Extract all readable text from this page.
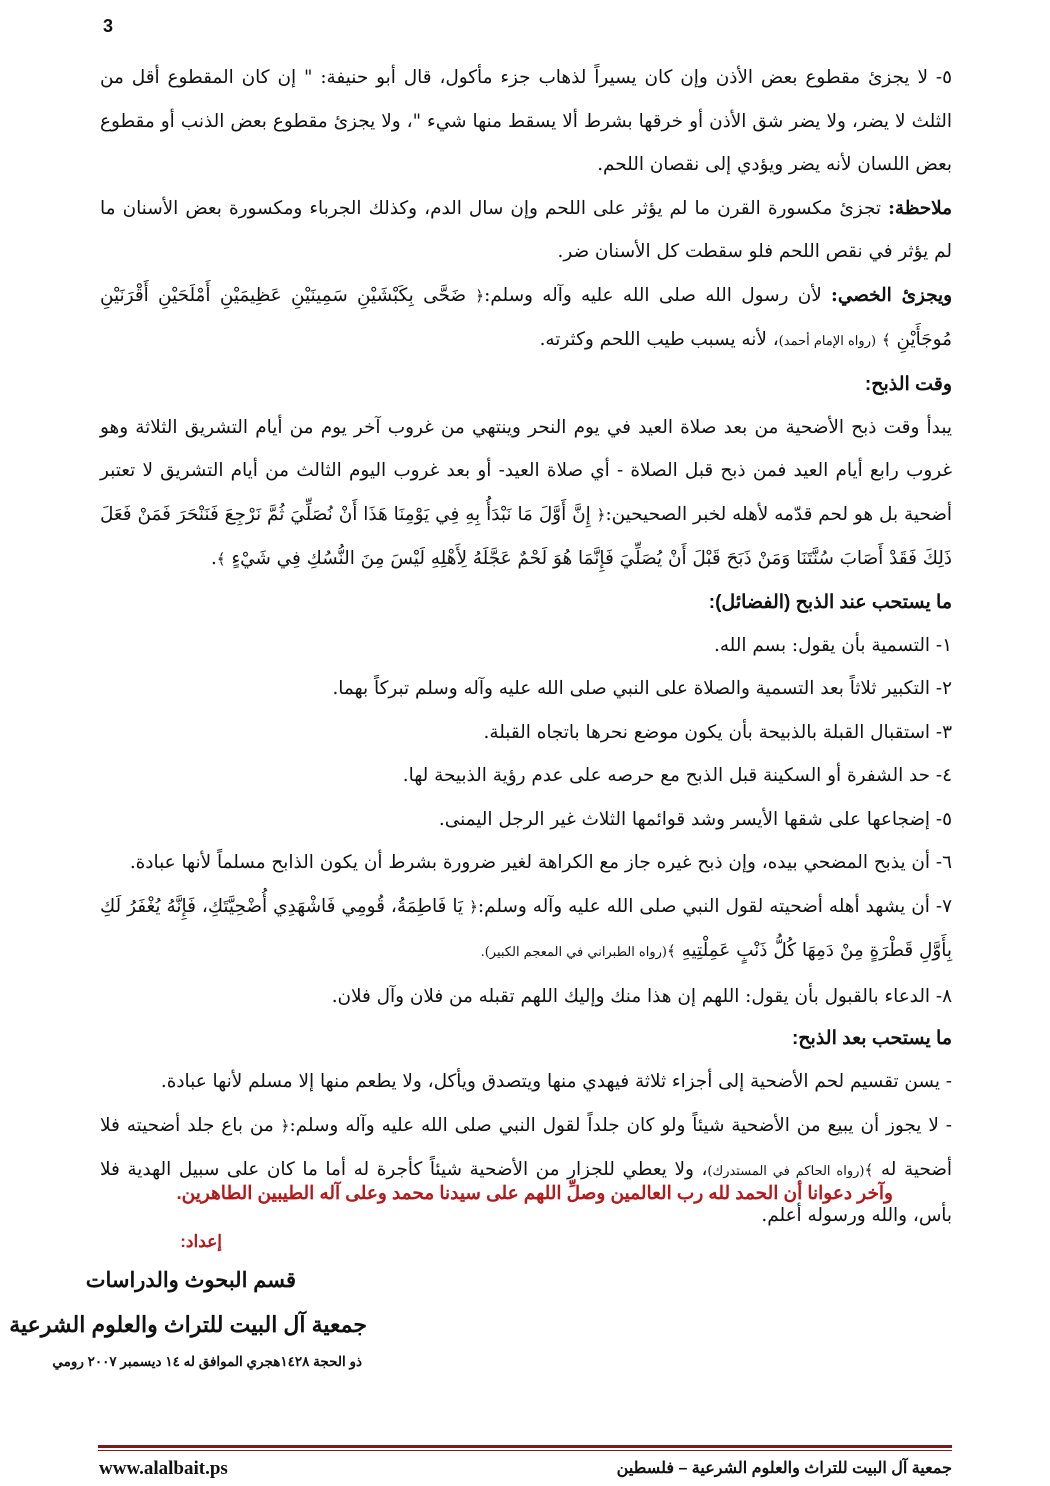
3

٥- لا يجزئ مقطوع بعض الأذن وإن كان يسيراً لذهاب جزء مأكول، قال أبو حنيفة: " إن كان المقطوع أقل من الثلث لا يضر، ولا يضر شق الأذن أو خرقها بشرط ألا يسقط منها شيء "، ولا يجزئ مقطوع بعض الذنب أو مقطوع بعض اللسان لأنه يضر ويؤدي إلى نقصان اللحم.

ملاحظة: تجزئ مكسورة القرن ما لم يؤثر على اللحم وإن سال الدم، وكذلك الجرباء ومكسورة بعض الأسنان ما لم يؤثر في نقص اللحم فلو سقطت كل الأسنان ضر.

ويجزئ الخصي: لأن رسول الله صلى الله عليه وآله وسلم:﴿ ضَحَّى بِكَبْشَيْنِ سَمِينَيْنِ عَظِيمَيْنِ أَمْلَحَيْنِ أَقْرَنَيْنِ مُوجَأَيْنِ ﴾ (رواه الإمام أحمد)، لأنه يسبب طيب اللحم وكثرته.

وقت الذبح:

يبدأ وقت ذبح الأضحية من بعد صلاة العيد في يوم النحر وينتهي من غروب آخر يوم من أيام التشريق الثلاثة وهو غروب رابع أيام العيد فمن ذبح قبل الصلاة - أي صلاة العيد- أو بعد غروب اليوم الثالث من أيام التشريق لا تعتبر أضحية بل هو لحم قدّمه لأهله لخبر الصحيحين:﴿ إِنَّ أَوَّلَ مَا نَبْدَأُ بِهِ فِي يَوْمِنَا هَذَا أَنْ نُصَلِّيَ ثُمَّ نَرْجِعَ فَنَنْحَرَ فَمَنْ فَعَلَ ذَلِكَ فَقَدْ أَصَابَ سُنَّتَنَا وَمَنْ ذَبَحَ قَبْلَ أَنْ يُصَلِّيَ فَإِنَّمَا هُوَ لَحْمٌ عَجَّلَهُ لِأَهْلِهِ لَيْسَ مِنَ النُّسُكِ فِي شَيْءٍ ﴾.

ما يستحب عند الذبح (الفضائل):

١- التسمية بأن يقول: بسم الله.

٢- التكبير ثلاثاً بعد التسمية والصلاة على النبي صلى الله عليه وآله وسلم تبركاً بهما.

٣- استقبال القبلة بالذبيحة بأن يكون موضع نحرها باتجاه القبلة.

٤- حد الشفرة أو السكينة قبل الذبح مع حرصه على عدم رؤية الذبيحة لها.

٥- إضجاعها على شقها الأيسر وشد قوائمها الثلاث غير الرجل اليمنى.

٦- أن يذبح المضحي بيده، وإن ذبح غيره جاز مع الكراهة لغير ضرورة بشرط أن يكون الذابح مسلماً لأنها عبادة.

٧- أن يشهد أهله أضحيته لقول النبي صلى الله عليه وآله وسلم:﴿ يَا فَاطِمَةُ، قُومِي فَاشْهَدِي أُضْحِيَّتَكِ، فَإِنَّهُ يُغْفَرُ لَكِ بِأَوَّلِ قَطْرَةٍ مِنْ دَمِهَا كُلُّ ذَنْبٍ عَمِلْتِيهِ ﴾(رواه الطبراني في المعجم الكبير).

٨- الدعاء بالقبول بأن يقول: اللهم إن هذا منك وإليك اللهم تقبله من فلان وآل فلان.

ما يستحب بعد الذبح:

- يسن تقسيم لحم الأضحية إلى أجزاء ثلاثة فيهدي منها ويتصدق ويأكل، ولا يطعم منها إلا مسلم لأنها عبادة.

- لا يجوز أن يبيع من الأضحية شيئاً ولو كان جلداً لقول النبي صلى الله عليه وآله وسلم:﴿ من باع جلد أضحيته فلا أضحية له ﴾(رواه الحاكم في المستدرك)، ولا يعطي للجزار من الأضحية شيئاً كأجرة له أما ما كان على سبيل الهدية فلا بأس، والله ورسوله أعلم.

وآخر دعوانا أن الحمد لله رب العالمين وصلِّ اللهم على سيدنا محمد وعلى آله الطيبين الطاهرين.
إعداد:
قسم البحوث والدراسات
جمعية آل البيت للتراث والعلوم الشرعية
ذو الحجة ١٤٢٨هجري الموافق له ١٤ ديسمبر ٢٠٠٧ رومي
www.alalbait.ps	جمعية آل البيت للتراث والعلوم الشرعية – فلسطين
